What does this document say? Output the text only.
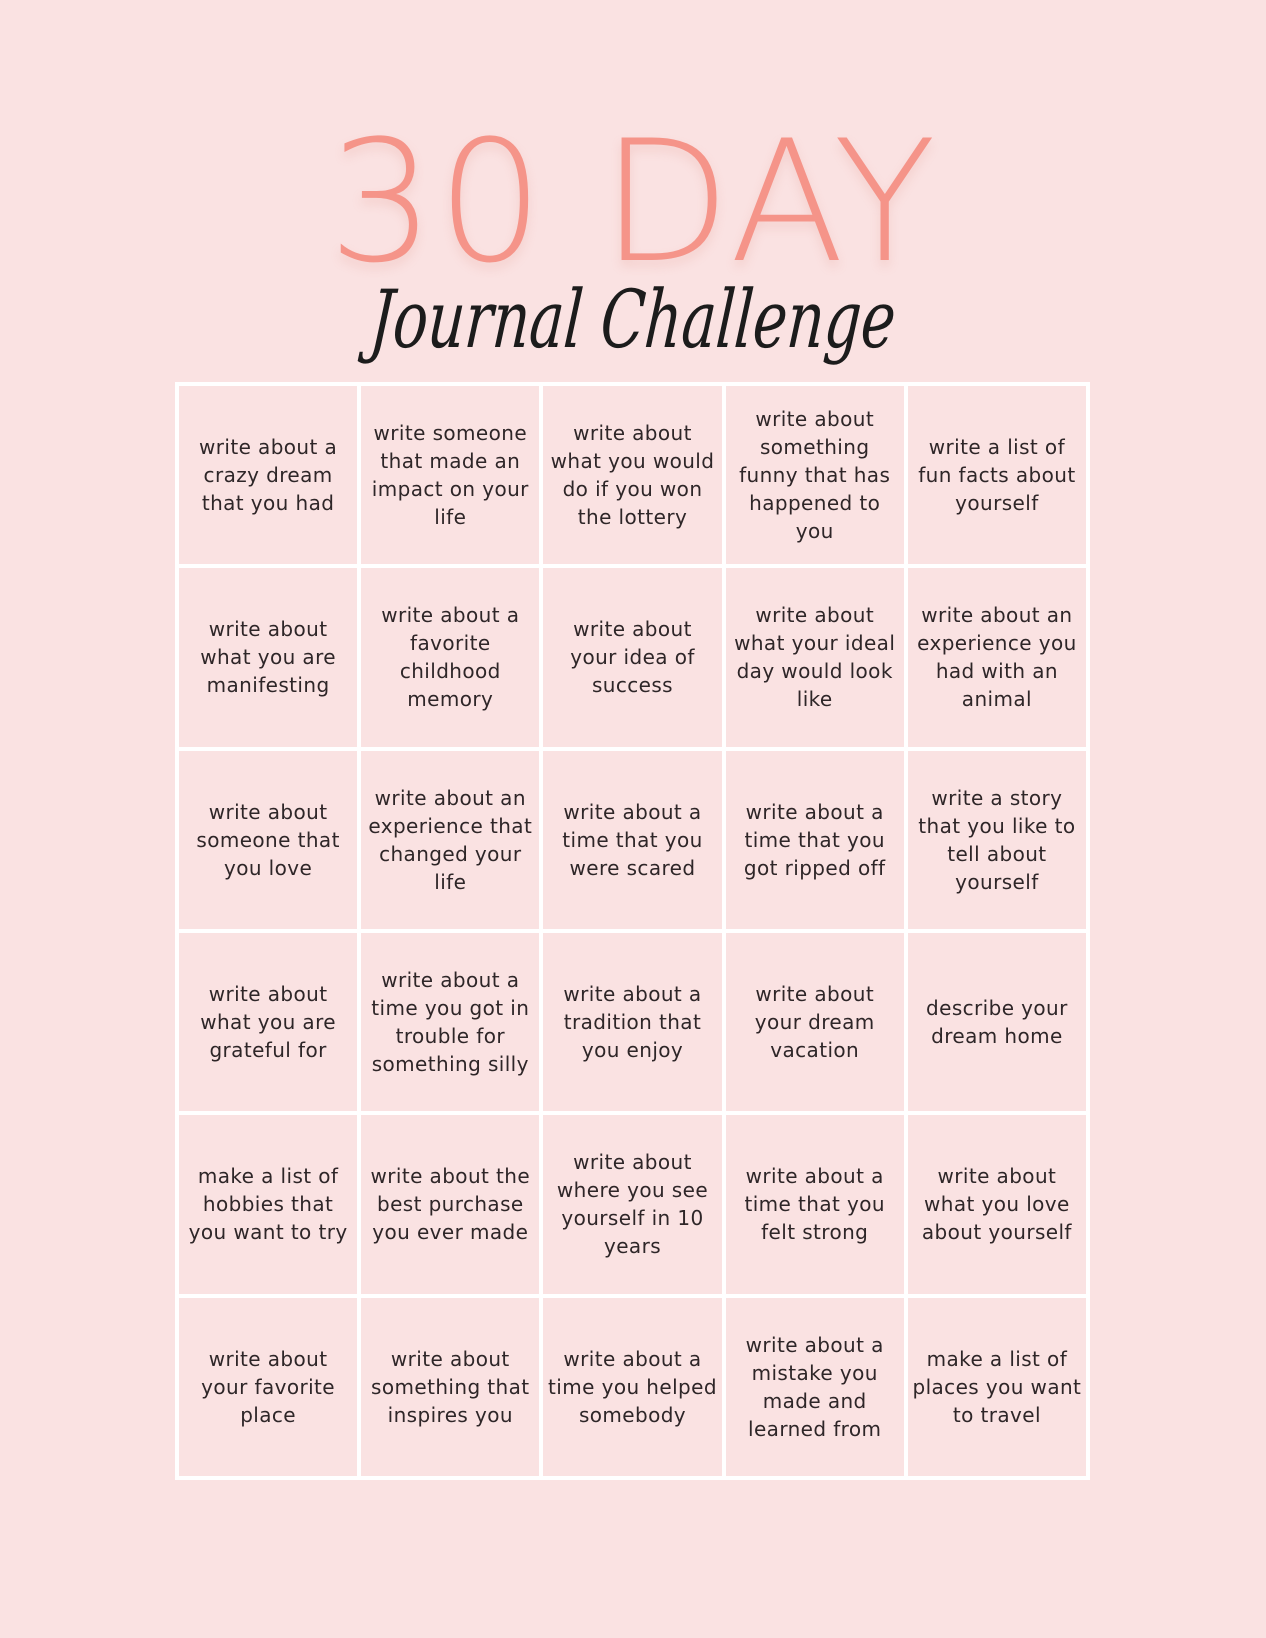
30 DAY
Journal Challenge
write about a crazy dream that you had
write someone that made an impact on your life
write about what you would do if you won the lottery
write about something funny that has happened to you
write a list of fun facts about yourself
write about what you are manifesting
write about a favorite childhood memory
write about your idea of success
write about what your ideal day would look like
write about an experience you had with an animal
write about someone that you love
write about an experience that changed your life
write about a time that you were scared
write about a time that you got ripped off
write a story that you like to tell about yourself
write about what you are grateful for
write about a time you got in trouble for something silly
write about a tradition that you enjoy
write about your dream vacation
describe your dream home
make a list of hobbies that you want to try
write about the best purchase you ever made
write about where you see yourself in 10 years
write about a time that you felt strong
write about what you love about yourself
write about your favorite place
write about something that inspires you
write about a time you helped somebody
write about a mistake you made and learned from
make a list of places you want to travel
